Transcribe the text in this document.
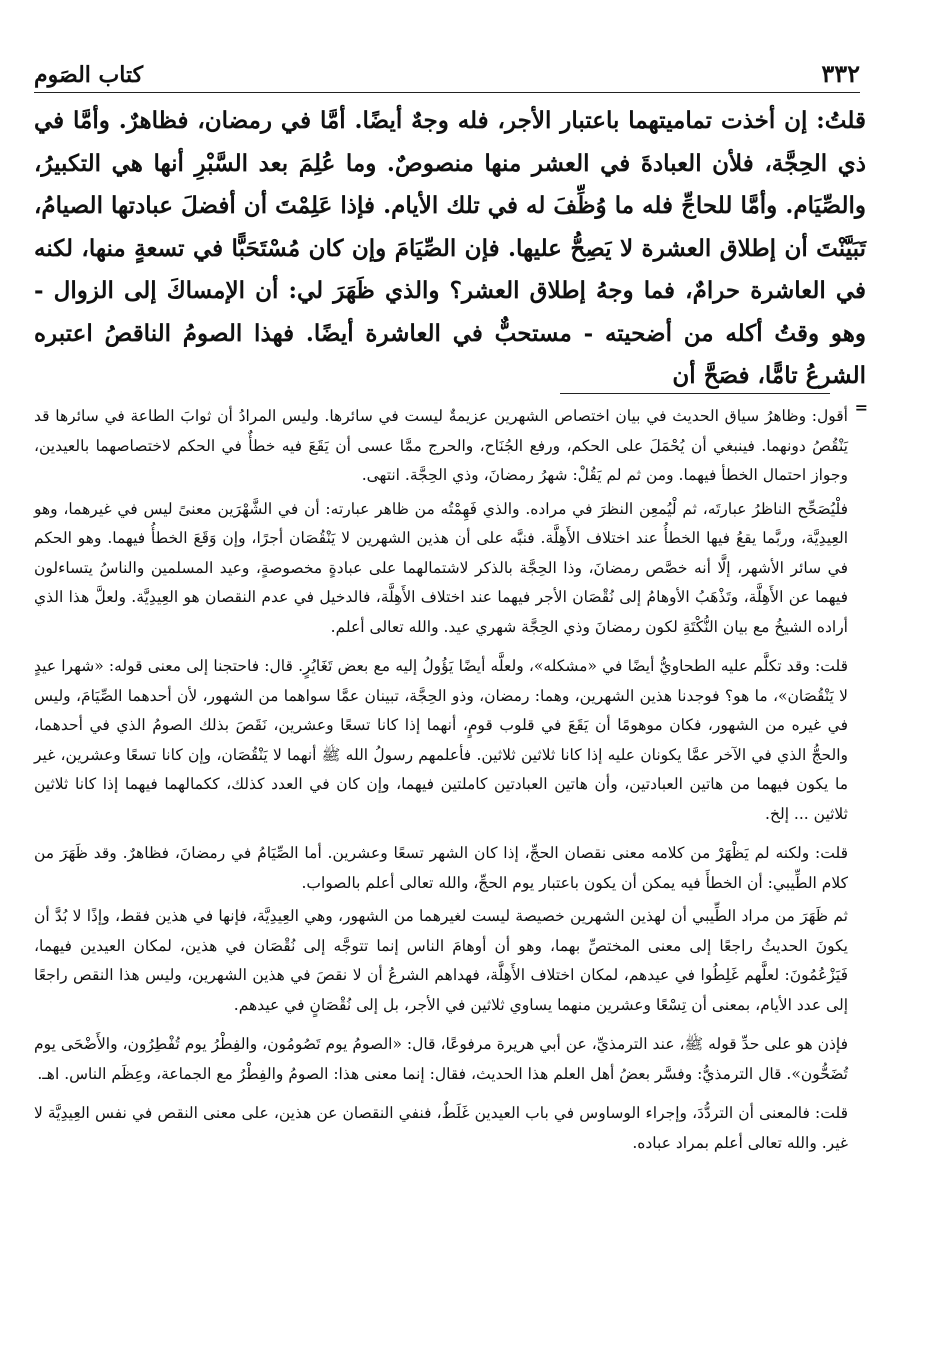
٣٣٢
كتاب الصَوم

قلتُ: إن أخذت تماميتهما باعتبار الأجر، فله وجهٌ أيضًا. أمَّا في رمضان، فظاهرٌ. وأمَّا في ذي الحِجَّة، فلأن العبادةَ في العشر منها منصوصٌ. وما عُلِمَ بعد السَّبْرِ أنها هي التكبيرُ، والصِّيَام. وأمَّا للحاجِّ فله ما وُظِّفَ له في تلك الأيام. فإذا عَلِمْتَ أن أفضلَ عبادتها الصيامُ، تَبَيَّنْتَ أن إطلاق العشرة لا يَصِحُّ عليها. فإن الصِّيَامَ وإن كان مُسْتَحَبًّا في تسعةٍ منها، لكنه في العاشرة حرامٌ، فما وجهُ إطلاق العشر؟ والذي ظَهَرَ لي: أن الإمساكَ إلى الزوال - وهو وقتُ أكله من أضحيته - مستحبٌّ في العاشرة أيضًا. فهذا الصومُ الناقصُ اعتبره الشرعُ تامًّا، فصَحَّ أن

=

أقول: وظاهرُ سياق الحديث في بيان اختصاص الشهرين عزيمةٌ ليست في سائرها. وليس المرادُ أن ثوابَ الطاعة في سائرها قد يَنْقُصُ دونهما. فينبغي أن يُحْمَلَ على الحكم، ورفع الجُنَاح، والحرج ممَّا عسى أن يَقَعَ فيه خطأٌ في الحكم لاختصاصهما بالعيدين، وجواز احتمال الخطأ فيهما. ومن ثم لم يَقُلْ: شهرُ رمضانَ، وذي الحِجَّة. انتهى.

فلْيُصَحِّح الناظرُ عبارتَه، ثم لْيُمعِن النظرَ في مراده. والذي فَهِمْتُه من ظاهر عبارته: أن في الشَّهْرَين معنىً ليس في غيرهما، وهو العِيدِيَّة، وربَّما يقعُ فيها الخطأُ عند اختلاف الأَهِلَّة. فنبَّه على أن هذين الشهرين لا يَنْقُصَان أجرًا، وإن وَقَعَ الخطأُ فيهما. وهو الحكم في سائر الأشهر، إلَّا أنه خصَّص رمضانَ، وذا الحِجَّة بالذكر لاشتمالهما على عبادةٍ مخصوصةٍ، وعيد المسلمين والناسُ يتساءلون فيهما عن الأَهِلَّة، وتَذْهَبُ الأوهامُ إلى نُقْصَان الأجر فيهما عند اختلاف الأَهِلَّة، فالدخيل في عدم النقصان هو العِيدِيَّة. ولعلَّ هذا الذي أراده الشيخُ مع بيان النُّكْتَةِ لكون رمضانَ وذي الحِجَّة شهري عيد. والله تعالى أعلم.

قلت: وقد تكلَّم عليه الطحاويُّ أيضًا في «مشكله»، ولعلَّه أيضًا يَؤُولُ إليه مع بعض تَغَايُرٍ. قال: فاحتجنا إلى معنى قوله: «شهرا عيدٍ لا يَنْقُصَان»، ما هو؟ فوجدنا هذين الشهرين، وهما: رمضان، وذو الحِجَّة، تبينان عمَّا سواهما من الشهور، لأن أحدهما الصِّيَامَ، وليس في غيره من الشهور، فكان موهومًا أن يَقَعَ في قلوب قومٍ، أنهما إذا كانا تسعًا وعشرين، نَقَصَ بذلك الصومُ الذي في أحدهما، والحجُّ الذي في الآخر عمَّا يكونان عليه إذا كانا ثلاثين ثلاثين. فأعلمهم رسولُ الله ﷺ أنهما لا يَنْقُصَان، وإن كانا تسعًا وعشرين، غير ما يكون فيهما من هاتين العبادتين، وأن هاتين العبادتين كاملتين فيهما، وإن كان في العدد كذلك، ككمالهما فيهما إذا كانا ثلاثين ثلاثين ... إلخ.

قلت: ولكنه لم يَظْهَرْ من كلامه معنى نقصان الحجِّ، إذا كان الشهر تسعًا وعشرين. أما الصِّيَامُ في رمضانَ، فظاهرٌ. وقد ظَهَرَ من كلام الطِّيبي: أن الخطأَ فيه يمكن أن يكون باعتبار يوم الحجِّ، والله تعالى أعلم بالصواب.

ثم ظَهَرَ من مراد الطِّيبي أن لهذين الشهرين خصيصة ليست لغيرهما من الشهور، وهي العِيدِيَّة، فإنها في هذين فقط، وإذًا لا بُدَّ أن يكونَ الحديثُ راجعًا إلى معنى المختصِّ بهما، وهو أن أوهامَ الناس إنما تتوجَّه إلى نُقْصَان في هذين، لمكان العيدين فيهما، فَيَزْعُمُونَ: لعلَّهم غَلِطُوا في عيدهم، لمكان اختلاف الأَهِلَّة، فهداهم الشرعُ أن لا نقصَ في هذين الشهرين، وليس هذا النقص راجعًا إلى عدد الأيام، بمعنى أن تِسْعًا وعشرين منهما يساوي ثلاثين في الأجر، بل إلى نُقْصَانٍ في عيدهم.

فإذن هو على حدِّ قوله ﷺ، عند الترمذيِّ، عن أبي هريرة مرفوعًا، قال: «الصومُ يوم تَصُومُون، والفِطْرُ يوم تُفْطِرُون، والأَضْحَى يوم تُضَحُّون». قال الترمذيُّ: وفسَّر بعضُ أهل العلم هذا الحديث، فقال: إنما معنى هذا: الصومُ والفِطْرُ مع الجماعة، وعِظَم الناس. اهـ.

قلت: فالمعنى أن التردُّدَ، وإجراء الوساوس في باب العيدين غَلَطٌ، فنفي النقصان عن هذين، على معنى النقص في نفس العِيدِيَّة لا غير. والله تعالى أعلم بمراد عباده.
